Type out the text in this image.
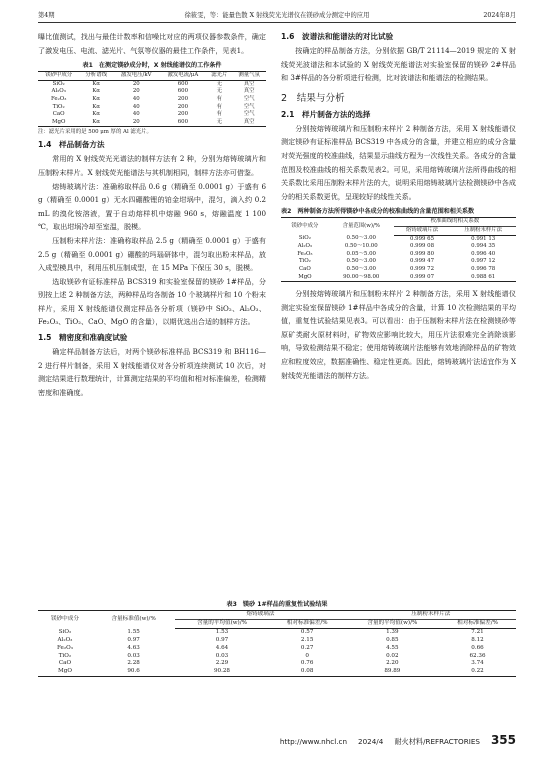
第4期	徐筱雯，等：能量色散 X 射线荧光光谱仪在镁砂成分测定中的应用	2024年8月

曝比值测试，找出与最佳计数率和信噪比对应的两项仪器参数条件，确定了激发电压、电流、滤光片、气氛等仪器的最佳工作条件，见表1。

表1　在测定镁砂成分时，X 射线能谱仪的工作条件
镁砂中成分	分析谱线	激发电压/kV	激发电流/μA	滤光片	测量气氛
SiO₂	Kα	20	600	无	真空
Al₂O₃	Kα	20	600	无	真空
Fe₂O₃	Kα	40	200	有	空气
TiO₂	Kα	40	200	有	空气
CaO	Kα	40	200	有	空气
MgO	Kα	20	600	无	真空
注：滤光片采用的是 500 μm 厚的 Al 滤光片。
1.4　样品制备方法

常用的 X 射线荧光光谱法的制样方法有 2 种，分别为熔铸玻璃片和压制粉末样片。X 射线荧光能谱法与其机制相同，制样方法亦可借鉴。

熔铸玻璃片法：准确称取样品 0.6 g（精确至 0.0001 g）于盛有 6 g（精确至 0.0001 g）无水四硼酸锂的铂金坩埚中，混匀，滴入约 0.2 mL 的溴化铵溶液，置于自动熔样机中熔融 960 s，熔融温度 1 100 ℃，取出坩埚冷却至室温，脱模。

压制粉末样片法：准确称取样品 2.5 g（精确至 0.0001 g）于盛有 2.5 g（精确至 0.0001 g）硼酸的玛瑙研钵中，混匀取出粉末样品，放入成型模具中，利用压机压制成型，在 15 MPa 下保压 30 s，脱模。

选取镁砂有证标准样品 BCS319 和实验室保留的镁砂 1#样品，分别按上述 2 种制备方法，两种样品均各制备 10 个玻璃样片和 10 个粉末样片，采用 X 射线能谱仪测定样品各分析项（镁砂中 SiO₂、Al₂O₃、Fe₂O₃、TiO₂、CaO、MgO 的含量），以期优选出合适的制样方法。

1.5　精密度和准确度试验

确定样品制备方法后，对两个镁砂标准样品 BCS319 和 BH116—2 进行样片制备，采用 X 射线能谱仪对各分析项连续测试 10 次后，对测定结果进行数理统计，计算测定结果的平均值和相对标准偏差，检测精密度和准确度。

1.6　波谱法和能谱法的对比试验

按确定的样品制备方法，分别依据 GB/T 21114—2019 规定的 X 射线荧光波谱法和本试验的 X 射线荧光能谱法对实验室保留的镁砂 2#样品和 3#样品的各分析项进行检测，比对波谱法和能谱法的检测结果。

2　结果与分析
2.1　样片制备方法的选择

分别按熔铸玻璃片和压制粉末样片 2 种制备方法，采用 X 射线能谱仪测定镁砂有证标准样品 BCS319 中各成分的含量，并建立相应的成分含量对荧光强度的校准曲线，结果显示曲线方程为一次线性关系。各成分的含量范围及校准曲线的相关系数见表2。可见，采用熔铸玻璃片法所得曲线的相关系数比采用压制粉末样片法的大，说明采用熔铸玻璃片法检测镁砂中各成分的相关系数更优，呈现较好的线性关系。

表2　两种制备方法所得镁砂中各成分的校准曲线的含量范围和相关系数
镁砂中成分	含量范围(w)/%	校准曲线的相关系数	
		熔铸玻璃片法	压制粉末样片法
SiO₂	0.50～3.00	0.999 65	0.991 13
Al₂O₃	0.50～10.00	0.999 08	0.994 35
Fe₂O₃	0.05～5.00	0.999 80	0.996 40
TiO₂	0.50～3.00	0.999 47	0.997 12
CaO	0.50～3.00	0.999 72	0.996 78
MgO	90.00～98.00	0.999 07	0.988 61

分别按熔铸玻璃片和压制粉末样片 2 种制备方法，采用 X 射线能谱仪测定实验室保留镁砂 1#样品中各成分的含量，计算 10 次检测结果的平均值，重复性试验结果见表3。可以看出：由于压制粉末样片法在检测镁砂等原矿类耐火原材料时，矿物效应影响比较大，用压片法很难完全消除该影响，导致检测结果不稳定；使用熔铸玻璃片法能够有效地消除样品的矿物效应和粒度效应，数据准确性、稳定性更高。因此，熔铸玻璃片法适宜作为 X 射线荧光能谱法的制样方法。

表3　镁砂 1#样品的重复性试验结果
镁砂中成分	含量标准值(w)/%	熔铸玻璃法		压制粉末样片法	
		含量的平均值(w)/%	相对标准偏差/%	含量的平均值(w)/%	相对标准偏差/%
SiO₂	1.55	1.53	0.57	1.39	7.21
Al₂O₃	0.97	0.97	2.15	0.85	8.12
Fe₂O₃	4.63	4.64	0.27	4.55	0.66
TiO₂	0.03	0.03	0	0.02	62.36
CaO	2.28	2.29	0.76	2.20	3.74
MgO	90.6	90.28	0.08	89.89	0.22
http://www.nhcl.cn 2024/4 耐火材料/REFRACTORIES 355
